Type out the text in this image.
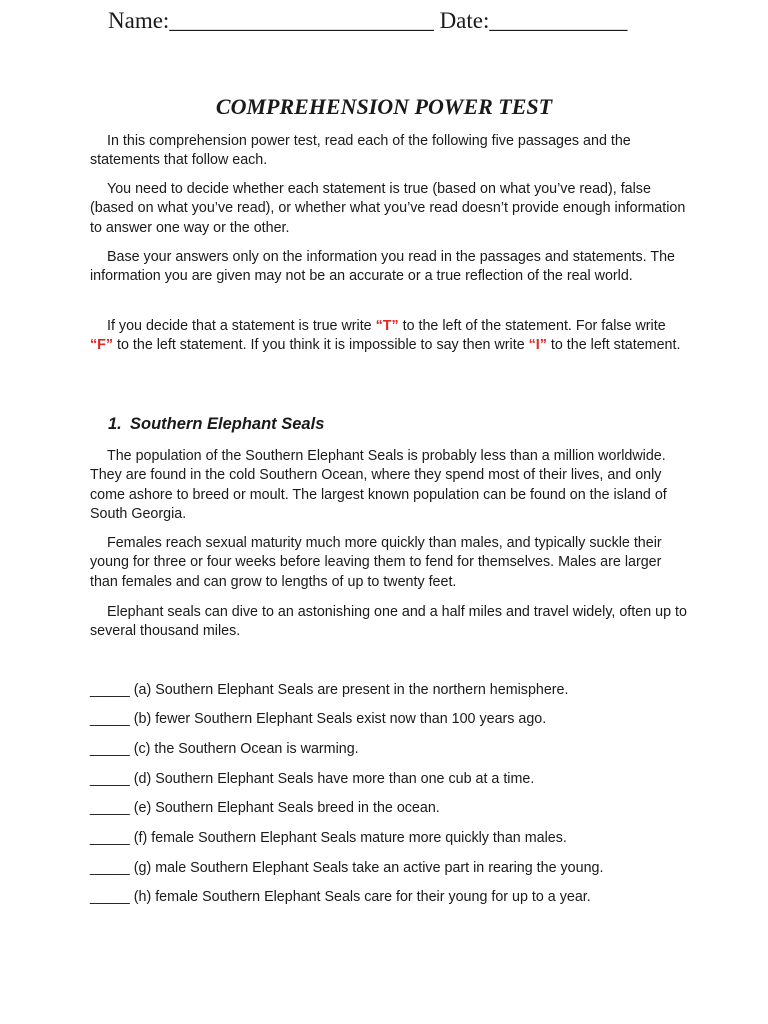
Name:_______________________ Date:____________
COMPREHENSION POWER TEST

In this comprehension power test, read each of the following five passages and the statements that follow each.

You need to decide whether each statement is true (based on what you’ve read), false (based on what you’ve read), or whether what you’ve read doesn’t provide enough information to answer one way or the other.

Base your answers only on the information you read in the passages and statements. The information you are given may not be an accurate or a true reflection of the real world.

If you decide that a statement is true write “T” to the left of the statement. For false write “F” to the left statement. If you think it is impossible to say then write “I” to the left statement.

1. Southern Elephant Seals

The population of the Southern Elephant Seals is probably less than a million worldwide. They are found in the cold Southern Ocean, where they spend most of their lives, and only come ashore to breed or moult. The largest known population can be found on the island of South Georgia.

Females reach sexual maturity much more quickly than males, and typically suckle their young for three or four weeks before leaving them to fend for themselves. Males are larger than females and can grow to lengths of up to twenty feet.

Elephant seals can dive to an astonishing one and a half miles and travel widely, often up to several thousand miles.

_____ (a) Southern Elephant Seals are present in the northern hemisphere.
_____ (b) fewer Southern Elephant Seals exist now than 100 years ago.
_____ (c) the Southern Ocean is warming.
_____ (d) Southern Elephant Seals have more than one cub at a time.
_____ (e) Southern Elephant Seals breed in the ocean.
_____ (f) female Southern Elephant Seals mature more quickly than males.
_____ (g) male Southern Elephant Seals take an active part in rearing the young.
_____ (h) female Southern Elephant Seals care for their young for up to a year.
